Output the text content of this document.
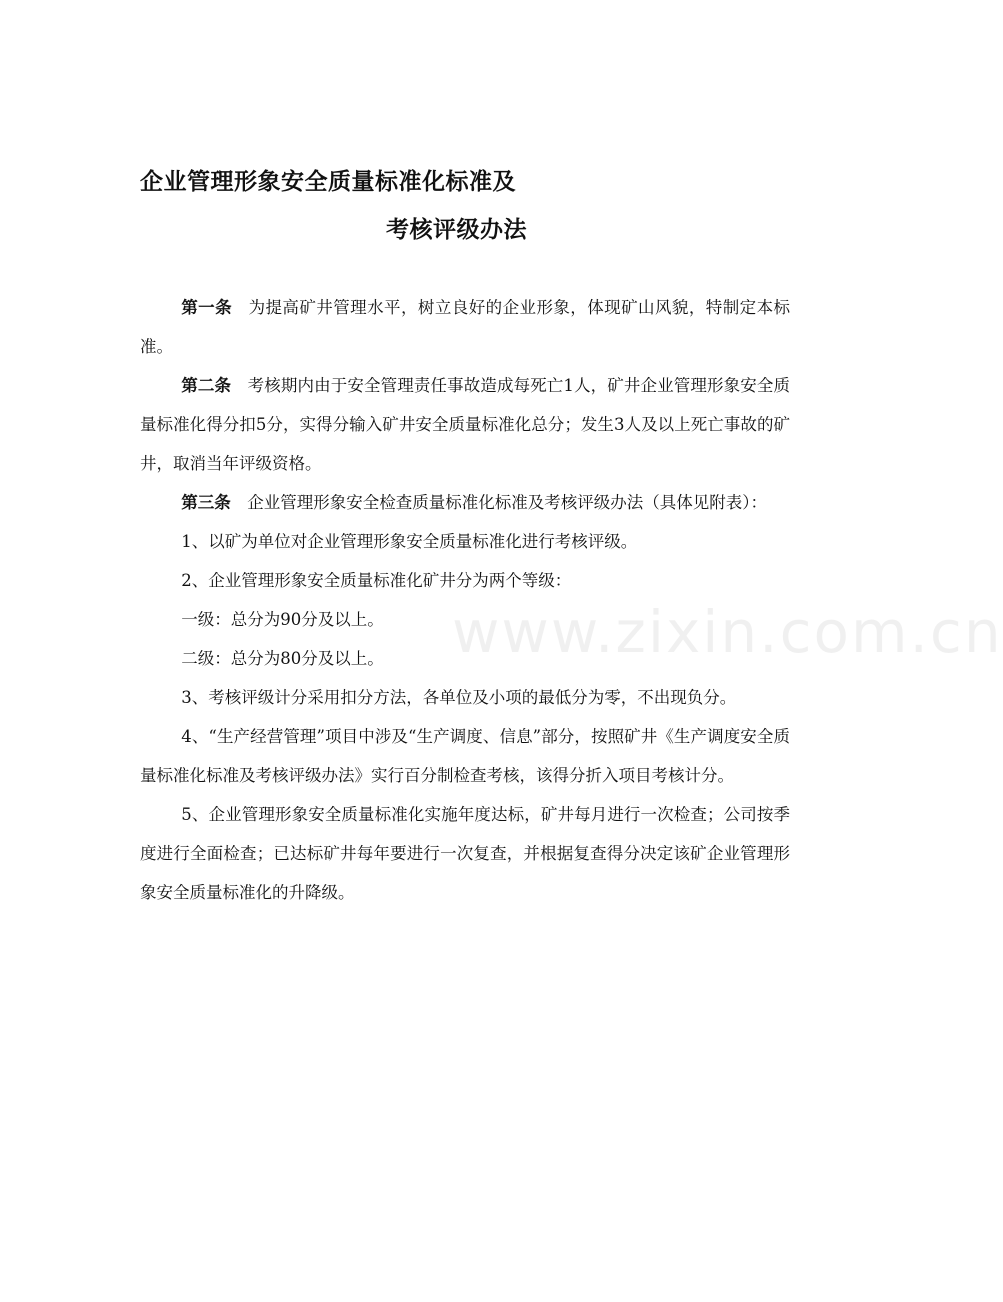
企业管理形象安全质量标准化标准及
考核评级办法

第一条 为提高矿井管理水平，树立良好的企业形象，体现矿山风貌，特制定本标准。

第二条 考核期内由于安全管理责任事故造成每死亡1人，矿井企业管理形象安全质量标准化得分扣5分，实得分输入矿井安全质量标准化总分；发生3人及以上死亡事故的矿井，取消当年评级资格。

第三条 企业管理形象安全检查质量标准化标准及考核评级办法（具体见附表）：

1、以矿为单位对企业管理形象安全质量标准化进行考核评级。

2、企业管理形象安全质量标准化矿井分为两个等级：

一级：总分为90分及以上。

二级：总分为80分及以上。

3、考核评级计分采用扣分方法，各单位及小项的最低分为零，不出现负分。

4、“生产经营管理”项目中涉及“生产调度、信息”部分，按照矿井《生产调度安全质量标准化标准及考核评级办法》实行百分制检查考核，该得分折入项目考核计分。

5、企业管理形象安全质量标准化实施年度达标，矿井每月进行一次检查；公司按季度进行全面检查；已达标矿井每年要进行一次复查，并根据复查得分决定该矿企业管理形象安全质量标准化的升降级。

www.zixin.com.cn
